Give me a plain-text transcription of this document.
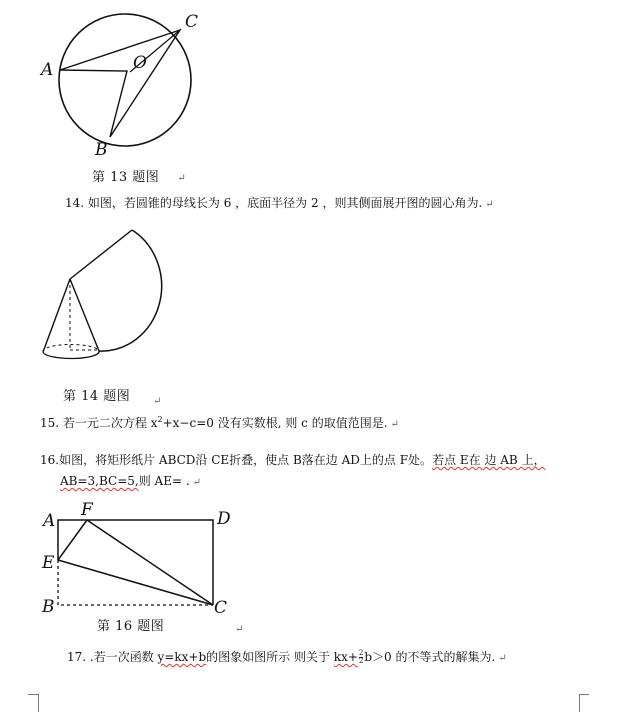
A
C
O
B
第 13 题图 ↵
14. 如图，若圆锥的母线长为 6 ，底面半径为 2 ，则其侧面展开图的圆心角为. ↵
第 14 题图 ↵
15. 若一元二次方程 $x^2+x-c=0$ 没有实数根, 则 c 的取值范围是. ↵
16.如图，将矩形纸片 ABCD沿 CE折叠，使点 B落在边 AD上的点 F处。若点 E在 边 AB 上，
AB=3,BC=5,则 AE= . ↵
A
F	D
E
B	C
第 16 题图	↵
17. .若一次函数 y=kx+b的图象如图所示 则关于 $kx+ \frac{2}{2} b>0$ 的不等式的解集为. ↵
